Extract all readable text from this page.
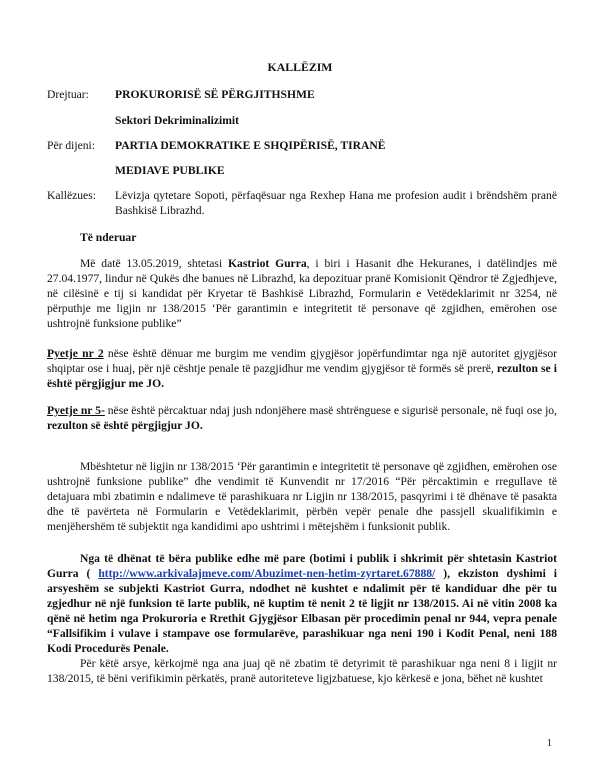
KALLËZIM
Drejtuar: PROKURORISË SË PËRGJITHSHME
Sektori Dekriminalizimit
Për dijeni: PARTIA DEMOKRATIKE E SHQIPËRISË, TIRANË
MEDIAVE PUBLIKE
Kallëzues: Lëvizja qytetare Sopoti, përfaqësuar nga Rexhep Hana me profesion audit i brëndshëm pranë Bashkisë Librazhd.
Të nderuar
Më datë 13.05.2019, shtetasi Kastriot Gurra, i biri i Hasanit dhe Hekuranes, i datëlindjes më 27.04.1977, lindur në Qukës dhe banues në Librazhd, ka depozituar pranë Komisionit Qëndror të Zgjedhjeve, në cilësinë e tij si kandidat për Kryetar të Bashkisë Librazhd, Formularin e Vetëdeklarimit nr 3254, në përputhje me ligjin nr 138/2015 ‘Për garantimin e integritetit të personave që zgjidhen, emërohen ose ushtrojnë funksione publike”
Pyetje nr 2 nëse është dënuar me burgim me vendim gjygjësor jopërfundimtar nga një autoritet gjygjësor shqiptar ose i huaj, për një cështje penale të pazgjidhur me vendim gjygjësor të formës së prerë, rezulton se i është përgjigjur me JO.
Pyetje nr 5- nëse është përcaktuar ndaj jush ndonjëhere masë shtrënguese e sigurisë personale, në fuqi ose jo, rezulton së është përgjigjur JO.
Mbështetur në ligjin nr 138/2015 ‘Për garantimin e integritetit të personave që zgjidhen, emërohen ose ushtrojnë funksione publike” dhe vendimit të Kunvendit nr 17/2016 “Për përcaktimin e rregullave të detajuara mbi zbatimin e ndalimeve të parashikuara nr Ligjin nr 138/2015, pasqyrimi i të dhënave të pasakta dhe të pavërteta në Formularin e Vetëdeklarimit, përbën vepër penale dhe passjell skualifikimin e menjëhershëm të subjektit nga kandidimi apo ushtrimi i mëtejshëm i funksionit publik.
Nga të dhënat të bëra publike edhe më pare (botimi i publik i shkrimit për shtetasin Kastriot Gurra ( http://www.arkivalajmeve.com/Abuzimet-nen-hetim-zyrtaret.67888/ ), ekziston dyshimi i arsyeshëm se subjekti Kastriot Gurra, ndodhet në kushtet e ndalimit për të kandiduar dhe për tu zgjedhur në një funksion të larte publik, në kuptim të nenit 2 të ligjit nr 138/2015. Ai në vitin 2008 ka qënë në hetim nga Prokuroria e Rrethit Gjygjësor Elbasan për procedimin penal nr 944, vepra penale “Fallsifikim i vulave i stampave ose formularëve, parashikuar nga neni 190 i Kodit Penal, neni 188 Kodi Procedurës Penale.
Për këtë arsye, kërkojmë nga ana juaj që në zbatim të detyrimit të parashikuar nga neni 8 i ligjit nr 138/2015, të bëni verifikimin përkatës, pranë autoriteteve ligjzbatuese, kjo kërkesë e jona, bëhet në kushtet
1
